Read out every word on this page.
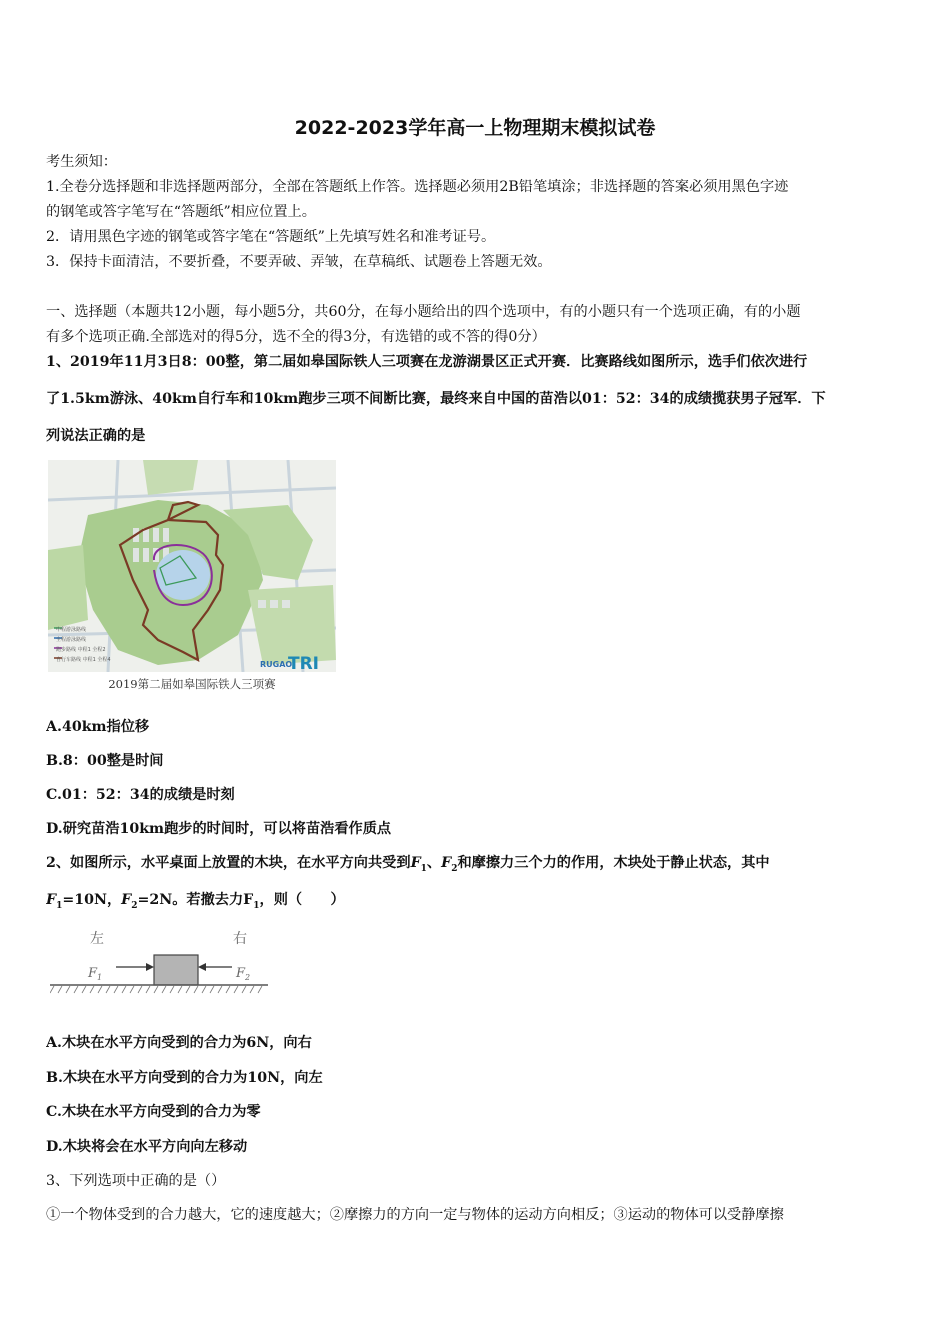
2022-2023学年高一上物理期末模拟试卷
考生须知：
1.全卷分选择题和非选择题两部分，全部在答题纸上作答。选择题必须用2B铅笔填涂；非选择题的答案必须用黑色字迹
的钢笔或答字笔写在“答题纸”相应位置上。
2．请用黑色字迹的钢笔或答字笔在“答题纸”上先填写姓名和准考证号。
3．保持卡面清洁，不要折叠，不要弄破、弄皱，在草稿纸、试题卷上答题无效。
一、选择题（本题共12小题，每小题5分，共60分，在每小题给出的四个选项中，有的小题只有一个选项正确，有的小题
有多个选项正确.全部选对的得5分，选不全的得3分，有选错的或不答的得0分）
1、2019年11月3日8：00整，第二届如皋国际铁人三项赛在龙游湖景区正式开赛．比赛路线如图所示，选手们依次进行
了1.5km游泳、40km自行车和10km跑步三项不间断比赛，最终来自中国的苗浩以01：52：34的成绩揽获男子冠军．下
列说法正确的是
中程游泳路线
全程游泳路线
跑步路线 中程1 全程2
自行车路线 中程1 全程4	RUGAO
TRI
2019第二届如皋国际铁人三项赛
A.40km指位移
B.8：00整是时间
C.01：52：34的成绩是时刻
D.研究苗浩10km跑步的时间时，可以将苗浩看作质点
2、如图所示，水平桌面上放置的木块，在水平方向共受到$F_1$、$F_2$和摩擦力三个力的作用，木块处于静止状态，其中
$F_1=10N$，$F_2=2N$。若撤去力$F_1$，则（　　）
左	右
$F_1$	$F_2$
A.木块在水平方向受到的合力为6N，向右
B.木块在水平方向受到的合力为10N，向左
C.木块在水平方向受到的合力为零
D.木块将会在水平方向向左移动
3、下列选项中正确的是（）
①一个物体受到的合力越大，它的速度越大；②摩擦力的方向一定与物体的运动方向相反；③运动的物体可以受静摩擦
